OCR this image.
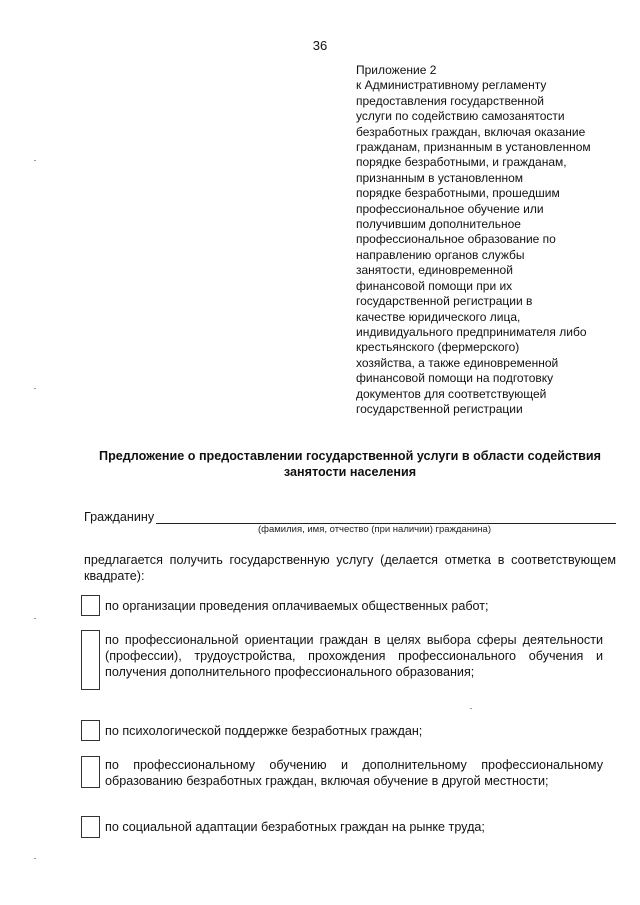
36
Приложение 2
к Административному регламенту
предоставления государственной
услуги по содействию самозанятости
безработных граждан, включая оказание
гражданам, признанным в установленном
порядке безработными, и гражданам,
признанным в установленном
порядке безработными, прошедшим
профессиональное обучение или
получившим дополнительное
профессиональное образование по
направлению органов службы
занятости, единовременной
финансовой помощи при их
государственной регистрации в
качестве юридического лица,
индивидуального предпринимателя либо
крестьянского (фермерского)
хозяйства, а также единовременной
финансовой помощи на подготовку
документов для соответствующей
государственной регистрации
Предложение о предоставлении государственной услуги в области содействия
занятости населения
Гражданину
(фамилия, имя, отчество (при наличии) гражданина)
предлагается получить государственную услугу (делается отметка в соответствующем квадрате):
по организации проведения оплачиваемых общественных работ;
по профессиональной ориентации граждан в целях выбора сферы деятельности (профессии), трудоустройства, прохождения профессионального обучения и получения дополнительного профессионального образования;
по психологической поддержке безработных граждан;
по профессиональному обучению и дополнительному профессиональному образованию безработных граждан, включая обучение в другой местности;
по социальной адаптации безработных граждан на рынке труда;
